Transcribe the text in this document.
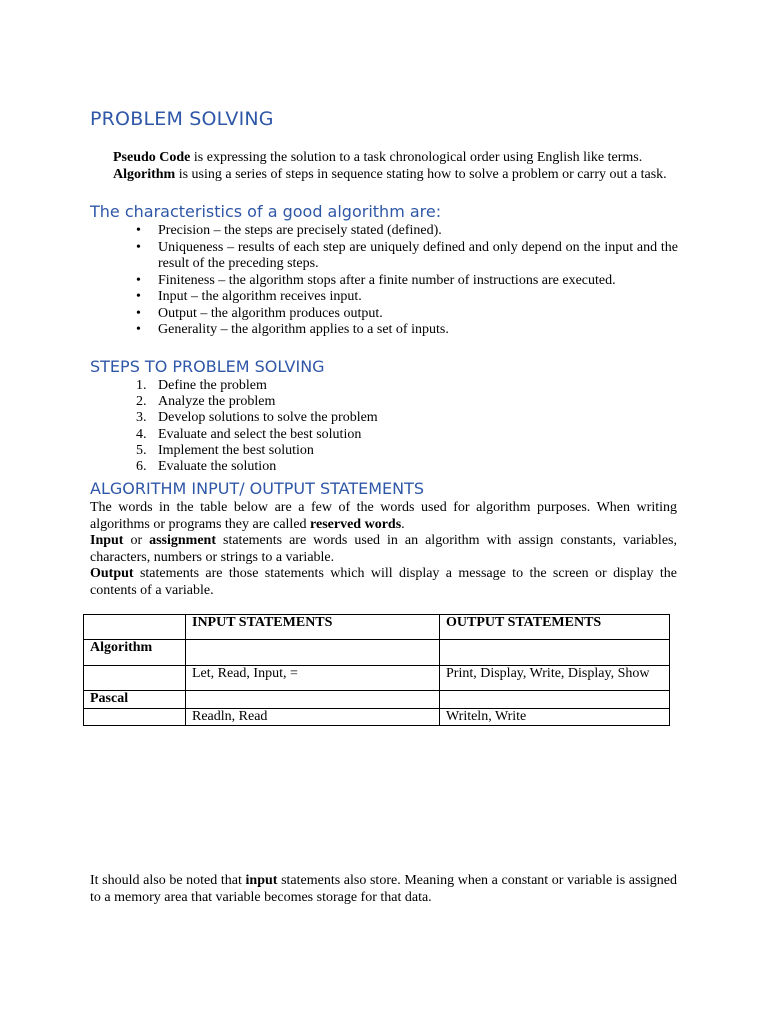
PROBLEM SOLVING
Pseudo Code is expressing the solution to a task chronological order using English like terms.
Algorithm is using a series of steps in sequence stating how to solve a problem or carry out a task.
The characteristics of a good algorithm are:
• Precision – the steps are precisely stated (defined).
• Uniqueness – results of each step are uniquely defined and only depend on the input and the result of the preceding steps.
• Finiteness – the algorithm stops after a finite number of instructions are executed.
• Input – the algorithm receives input.
• Output – the algorithm produces output.
• Generality – the algorithm applies to a set of inputs.
STEPS TO PROBLEM SOLVING
1. Define the problem
2. Analyze the problem
3. Develop solutions to solve the problem
4. Evaluate and select the best solution
5. Implement the best solution
6. Evaluate the solution
ALGORITHM INPUT/ OUTPUT STATEMENTS

The words in the table below are a few of the words used for algorithm purposes. When writing algorithms or programs they are called reserved words.

Input or assignment statements are words used in an algorithm with assign constants, variables, characters, numbers or strings to a variable.

Output statements are those statements which will display a message to the screen or display the contents of a variable.

	INPUT STATEMENTS	OUTPUT STATEMENTS
Algorithm		
	Let, Read, Input, =	Print, Display, Write, Display, Show
Pascal		
	Readln, Read	Writeln, Write

It should also be noted that input statements also store. Meaning when a constant or variable is assigned to a memory area that variable becomes storage for that data.
